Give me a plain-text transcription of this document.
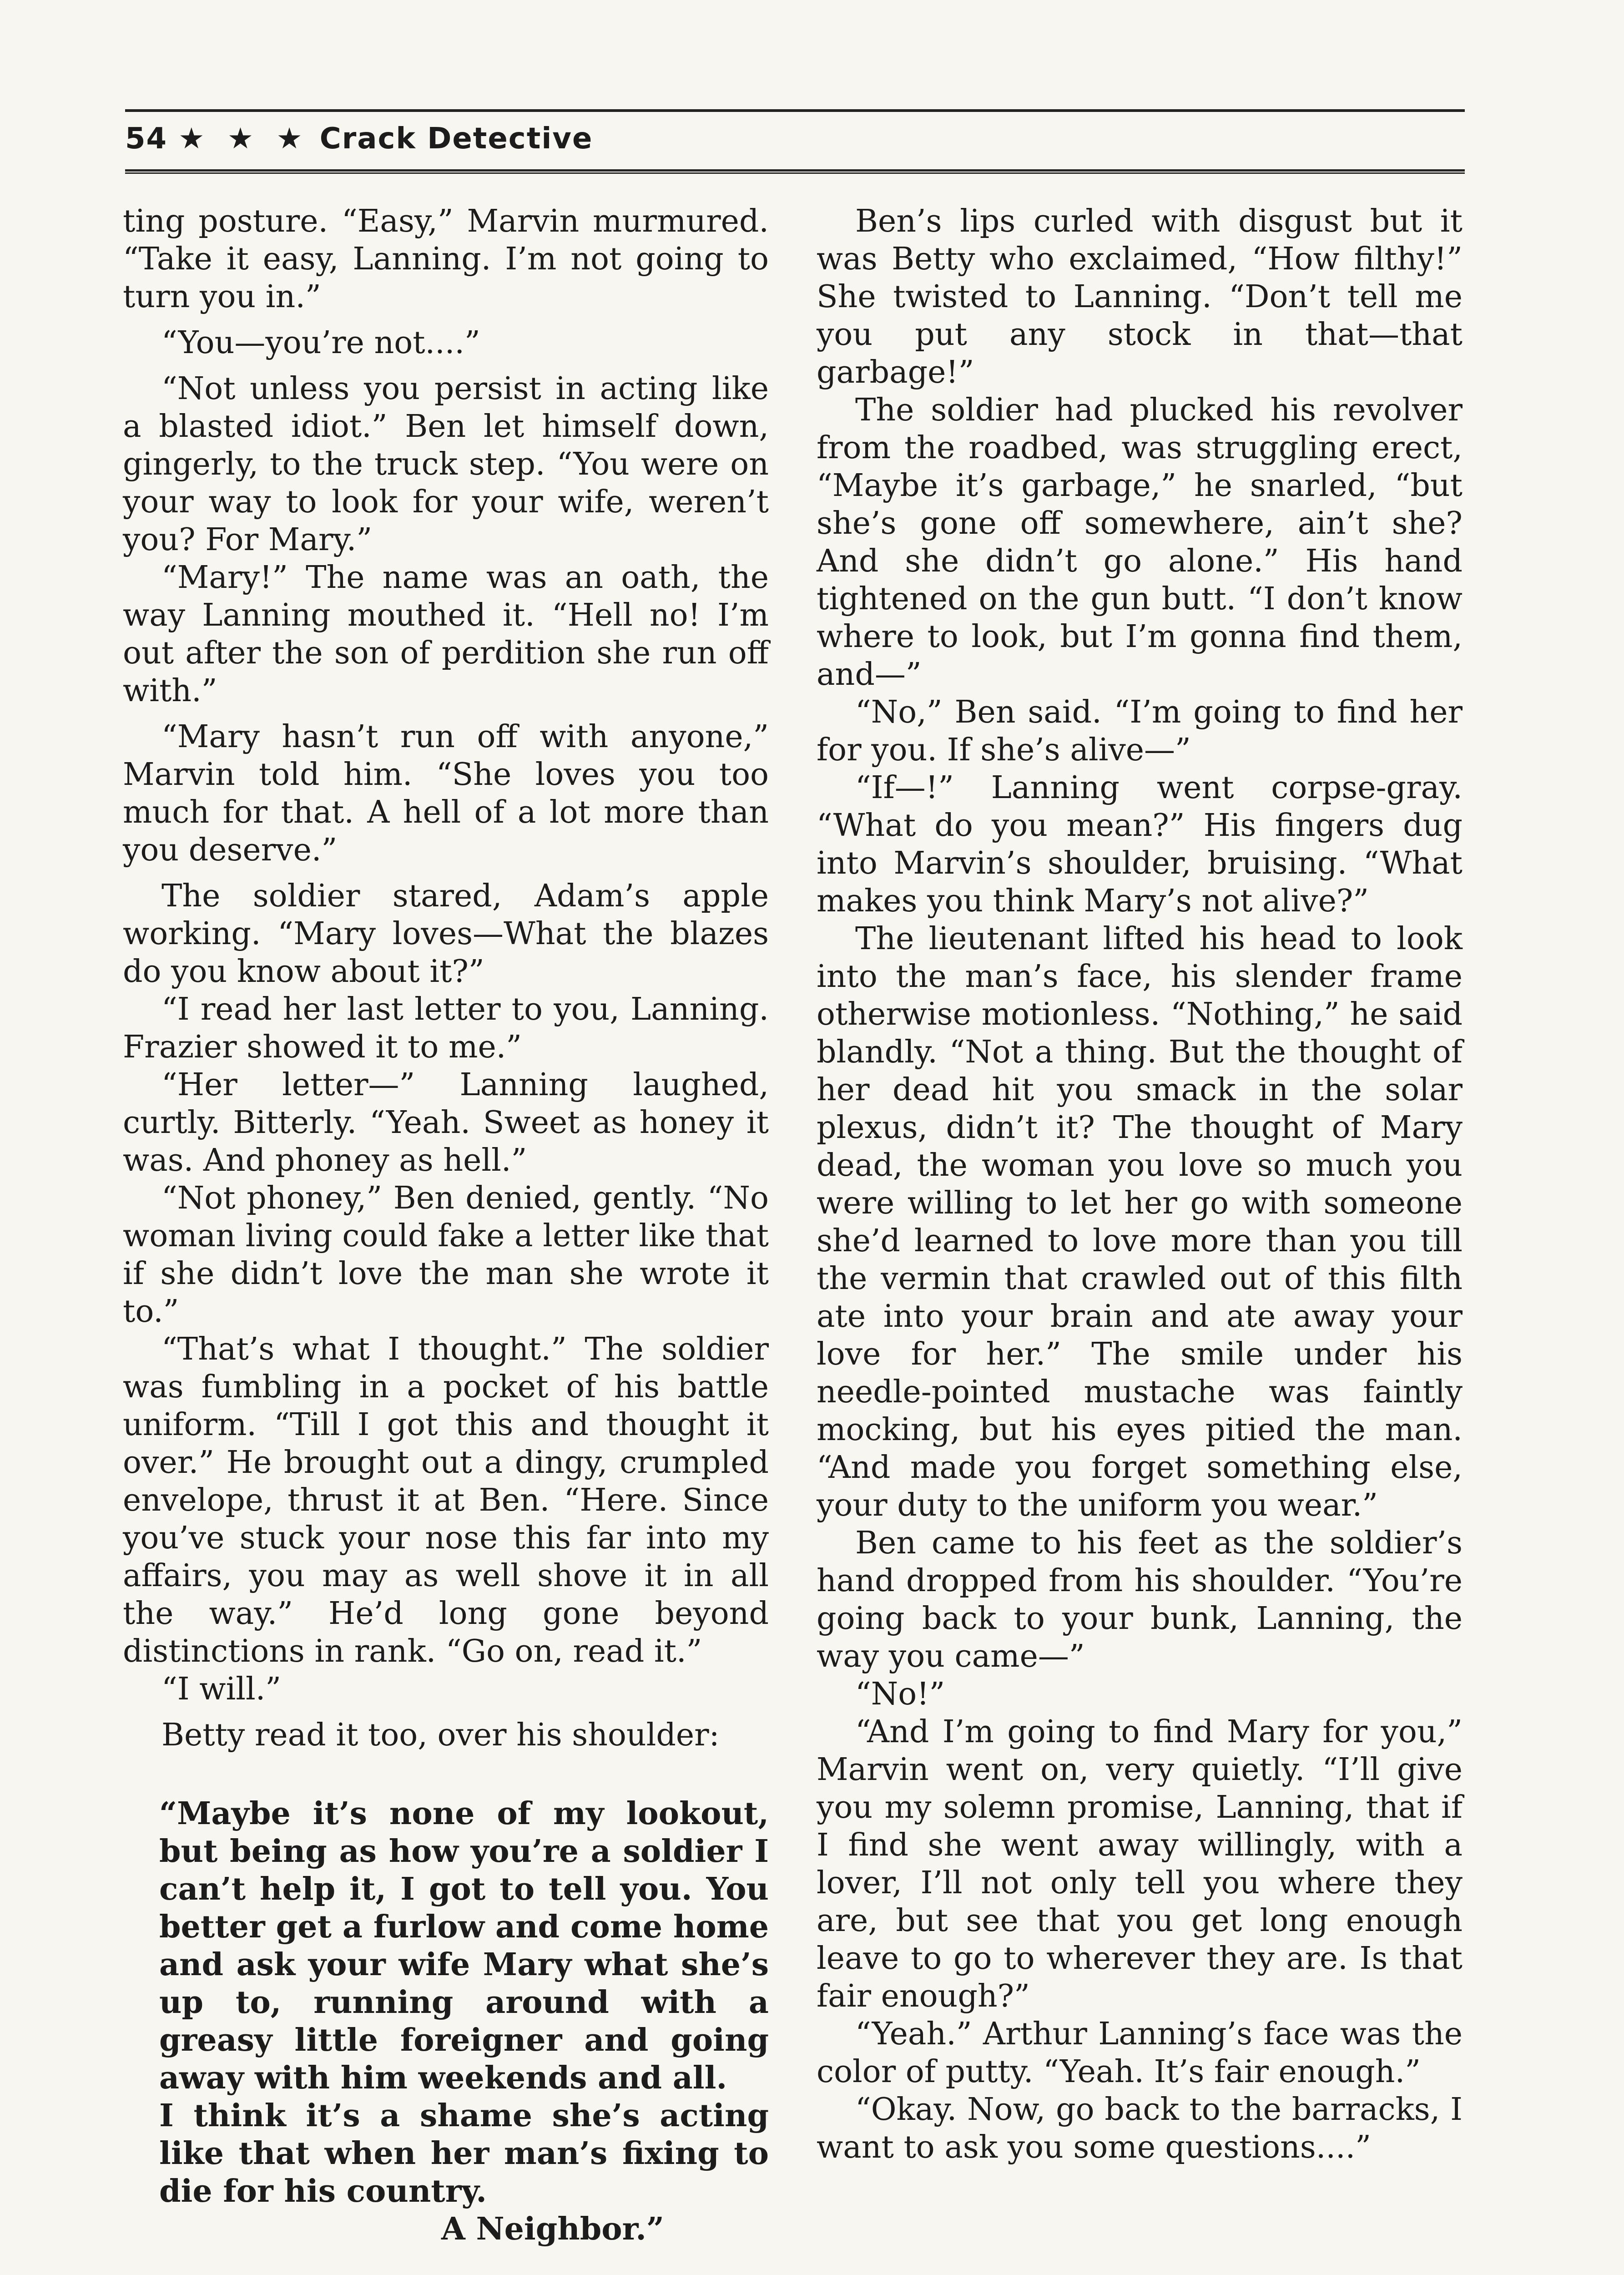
54 ★ ★ ★ Crack Detective

ting posture. “Easy,” Marvin murmured. “Take it easy, Lanning. I’m not going to turn you in.”

“You—you’re not....”

“Not unless you persist in acting like a blasted idiot.” Ben let himself down, gingerly, to the truck step. “You were on your way to look for your wife, weren’t you? For Mary.”

“Mary!” The name was an oath, the way Lanning mouthed it. “Hell no! I’m out after the son of perdition she run off with.”

“Mary hasn’t run off with anyone,” Marvin told him. “She loves you too much for that. A hell of a lot more than you deserve.”

The soldier stared, Adam’s apple working. “Mary loves—What the blazes do you know about it?”

“I read her last letter to you, Lanning. Frazier showed it to me.”

“Her letter—” Lanning laughed, curtly. Bitterly. “Yeah. Sweet as honey it was. And phoney as hell.”

“Not phoney,” Ben denied, gently. “No woman living could fake a letter like that if she didn’t love the man she wrote it to.”

“That’s what I thought.” The soldier was fumbling in a pocket of his battle uniform. “Till I got this and thought it over.” He brought out a dingy, crumpled envelope, thrust it at Ben. “Here. Since you’ve stuck your nose this far into my affairs, you may as well shove it in all the way.” He’d long gone beyond distinctions in rank. “Go on, read it.”

“I will.”

Betty read it too, over his shoulder:

“Maybe it’s none of my lookout, but being as how you’re a soldier I can’t help it, I got to tell you. You better get a furlow and come home and ask your wife Mary what she’s up to, running around with a greasy little foreigner and going away with him weekends and all.

I think it’s a shame she’s acting like that when her man’s fixing to die for his country.

A Neighbor.”

Ben’s lips curled with disgust but it was Betty who exclaimed, “How filthy!” She twisted to Lanning. “Don’t tell me you put any stock in that—that garbage!”

The soldier had plucked his revolver from the roadbed, was struggling erect, “Maybe it’s garbage,” he snarled, “but she’s gone off somewhere, ain’t she? And she didn’t go alone.” His hand tightened on the gun butt. “I don’t know where to look, but I’m gonna find them, and—”

“No,” Ben said. “I’m going to find her for you. If she’s alive—”

“If—!” Lanning went corpse-gray. “What do you mean?” His fingers dug into Marvin’s shoulder, bruising. “What makes you think Mary’s not alive?”

The lieutenant lifted his head to look into the man’s face, his slender frame otherwise motionless. “Nothing,” he said blandly. “Not a thing. But the thought of her dead hit you smack in the solar plexus, didn’t it? The thought of Mary dead, the woman you love so much you were willing to let her go with someone she’d learned to love more than you till the vermin that crawled out of this filth ate into your brain and ate away your love for her.” The smile under his needle-pointed mustache was faintly mocking, but his eyes pitied the man. “And made you forget something else, your duty to the uniform you wear.”

Ben came to his feet as the soldier’s hand dropped from his shoulder. “You’re going back to your bunk, Lanning, the way you came—”

“No!”

“And I’m going to find Mary for you,” Marvin went on, very quietly. “I’ll give you my solemn promise, Lanning, that if I find she went away willingly, with a lover, I’ll not only tell you where they are, but see that you get long enough leave to go to wherever they are. Is that fair enough?”

“Yeah.” Arthur Lanning’s face was the color of putty. “Yeah. It’s fair enough.”

“Okay. Now, go back to the barracks, I want to ask you some questions....”
